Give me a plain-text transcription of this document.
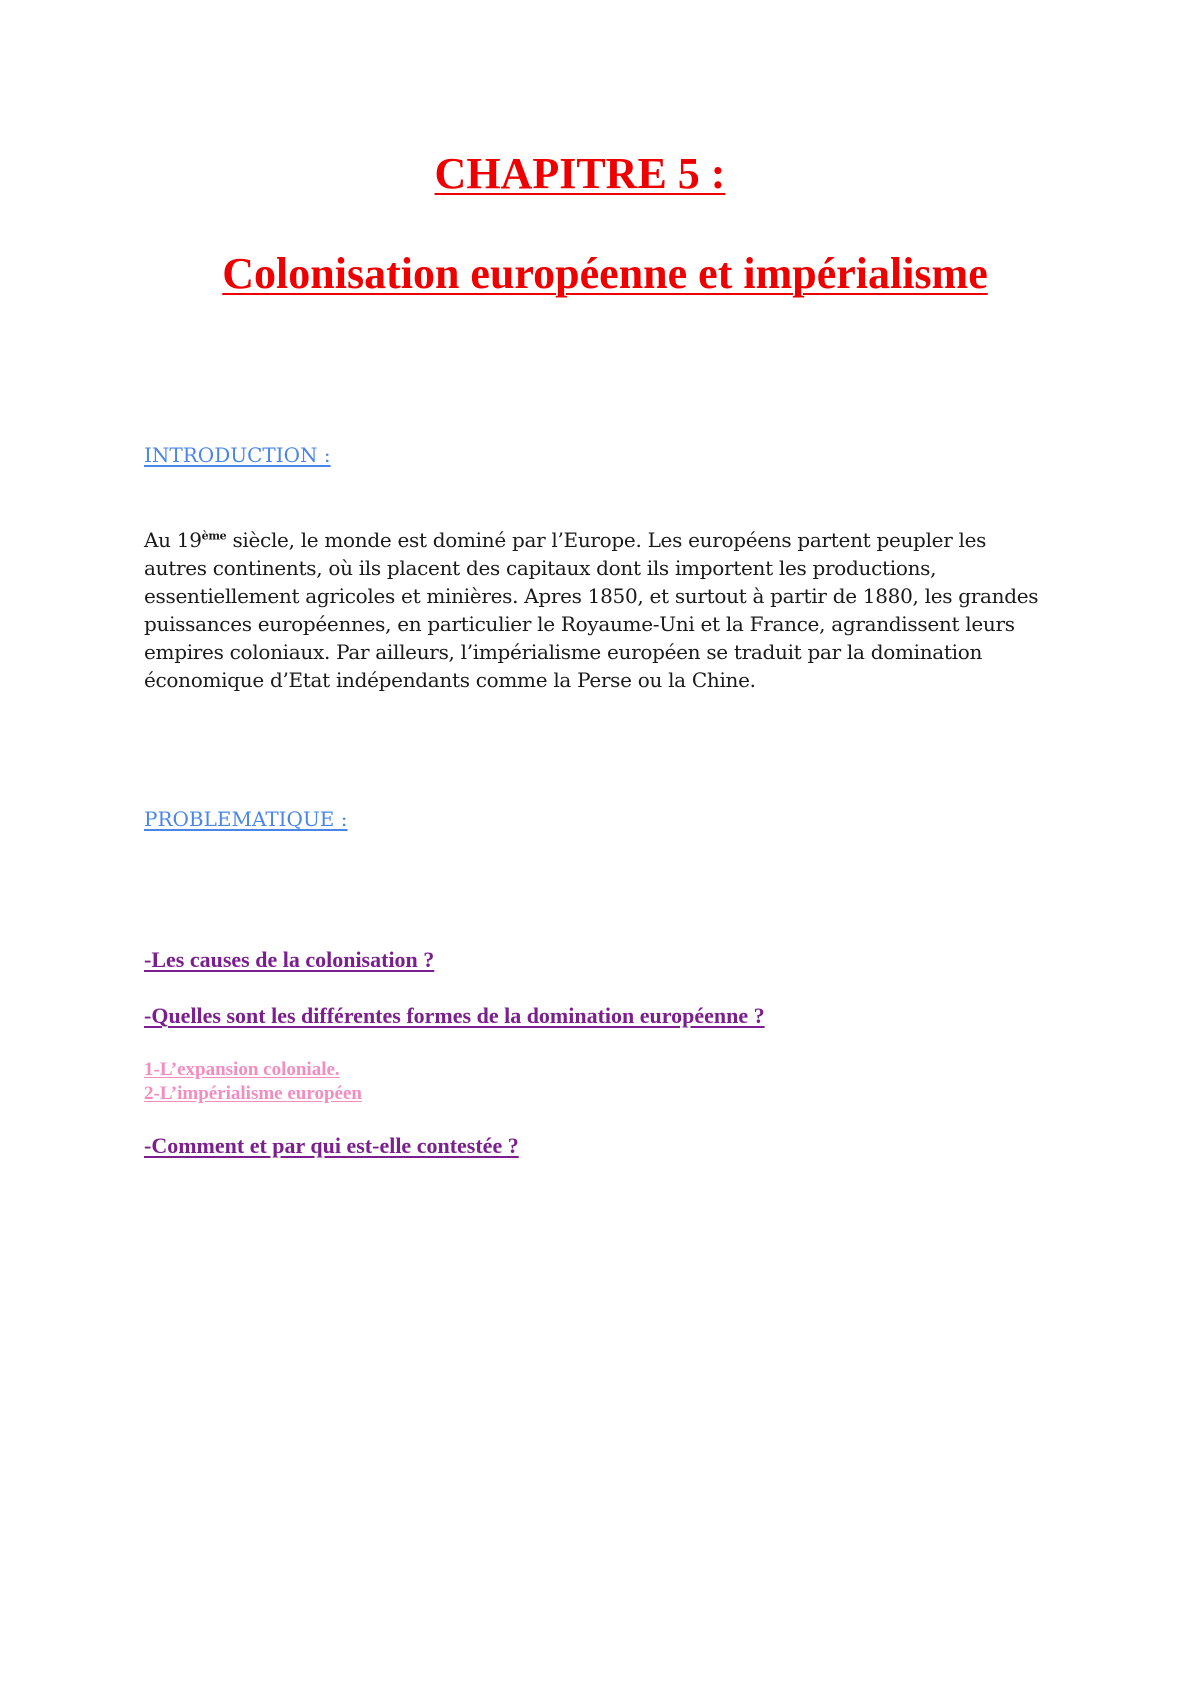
CHAPITRE 5 :
Colonisation européenne et impérialisme

INTRODUCTION :

Au 19ème siècle, le monde est dominé par l’Europe. Les européens partent peupler les autres continents, où ils placent des capitaux dont ils importent les productions, essentiellement agricoles et minières. Apres 1850, et surtout à partir de 1880, les grandes puissances européennes, en particulier le Royaume-Uni et la France, agrandissent leurs empires coloniaux. Par ailleurs, l’impérialisme européen se traduit par la domination économique d’Etat indépendants comme la Perse ou la Chine.

PROBLEMATIQUE :

-Les causes de la colonisation ?

-Quelles sont les différentes formes de la domination européenne ?

1-L’expansion coloniale.

2-L’impérialisme européen

-Comment et par qui est-elle contestée ?
